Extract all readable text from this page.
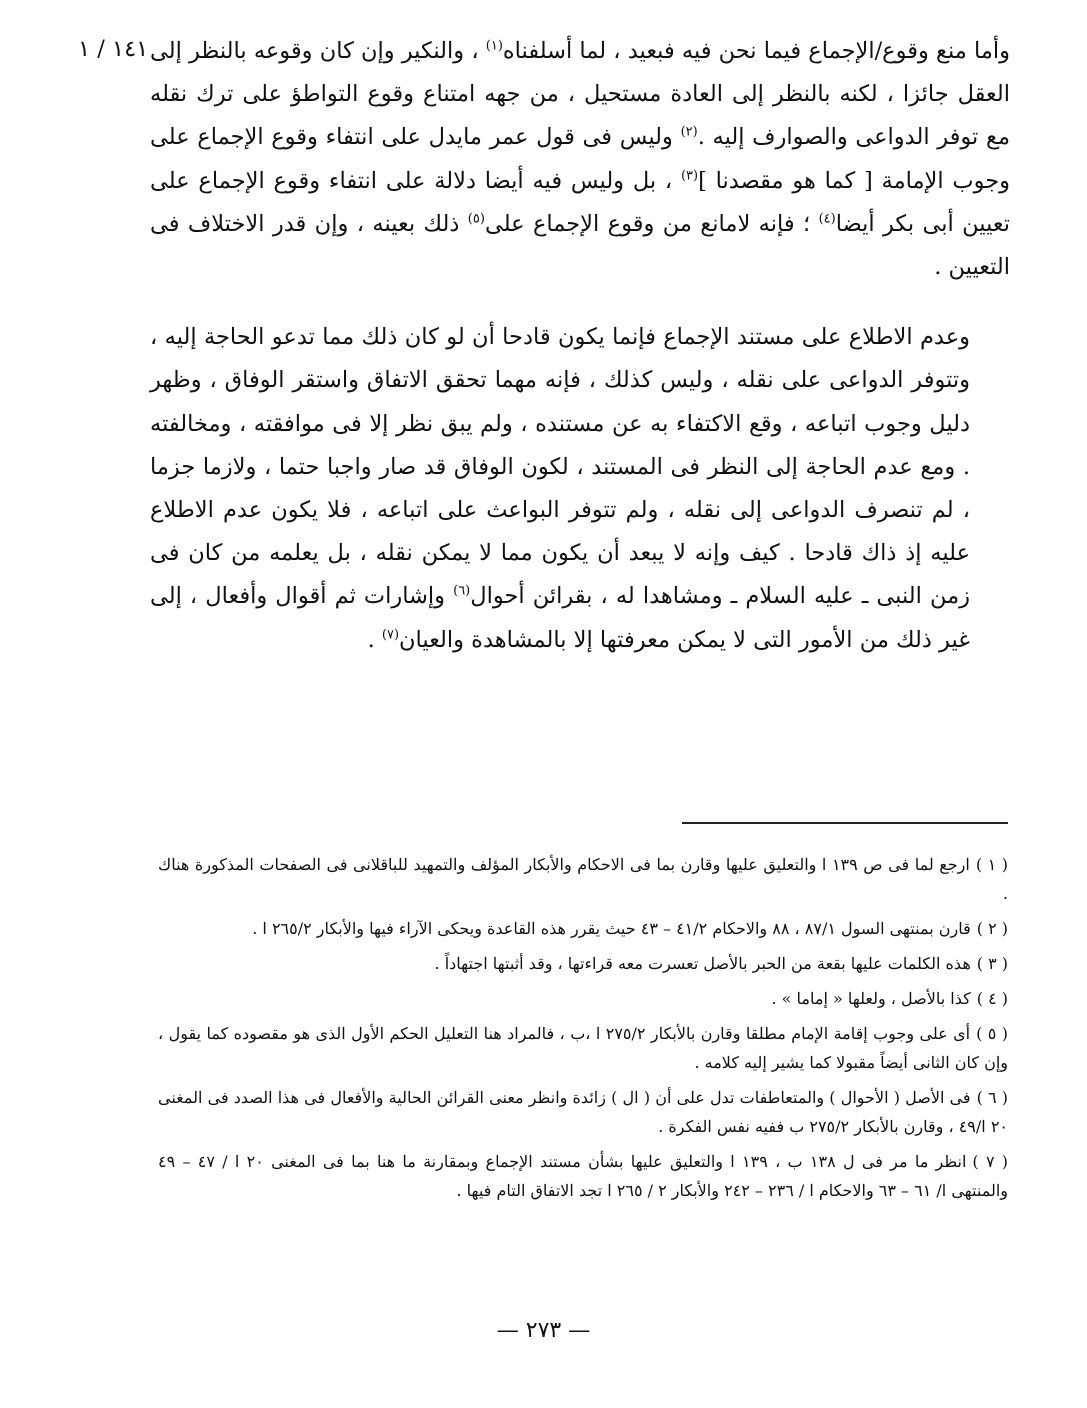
١٤١ / ١	وأما منع وقوع/الإجماع فيما نحن فيه فبعيد ، لما أسلفناه$^{(١)}$ ، والنكير وإن كان وقوعه بالنظر إلى العقل جائزا ، لكنه بالنظر إلى العادة مستحيل ، من جهه امتناع وقوع التواطؤ على ترك نقله مع توفر الدواعى والصوارف إليه .$^{(٢)}$ وليس فى قول عمر مايدل على انتفاء وقوع الإجماع على وجوب الإمامة [ كما هو مقصدنا ]$^{(٣)}$ ، بل وليس فيه أيضا دلالة على انتفاء وقوع الإجماع على تعيين أبى بكر أيضا$^{(٤)}$ ؛ فإنه لامانع من وقوع الإجماع على$^{(٥)}$ ذلك بعينه ، وإن قدر الاختلاف فى التعيين .

وعدم الاطلاع على مستند الإجماع فإنما يكون قادحا أن لو كان ذلك مما تدعو الحاجة إليه ، وتتوفر الدواعى على نقله ، وليس كذلك ، فإنه مهما تحقق الاتفاق واستقر الوفاق ، وظهر دليل وجوب اتباعه ، وقع الاكتفاء به عن مستنده ، ولم يبق نظر إلا فى موافقته ، ومخالفته . ومع عدم الحاجة إلى النظر فى المستند ، لكون الوفاق قد صار واجبا حتما ، ولازما جزما ، لم تنصرف الدواعى إلى نقله ، ولم تتوفر البواعث على اتباعه ، فلا يكون عدم الاطلاع عليه إذ ذاك قادحا . كيف وإنه لا يبعد أن يكون مما لا يمكن نقله ، بل يعلمه من كان فى زمن النبى ـ عليه السلام ـ ومشاهدا له ، بقرائن أحوال$^{(٦)}$ وإشارات ثم أقوال وأفعال ، إلى غير ذلك من الأمور التى لا يمكن معرفتها إلا بالمشاهدة والعيان$^{(٧)}$ .

( ١ )ارجع لما فى ص ١٣٩ ا والتعليق عليها وقارن بما فى الاحكام والأبكار المؤلف والتمهيد للباقلانى فى الصفحات المذكورة هناك .

( ٢ )قارن بمنتهى السول ٨٧/١ ، ٨٨ والاحكام ٤١/٢ – ٤٣ حيث يقرر هذه القاعدة ويحكى الآراء فيها والأبكار ٢٦٥/٢ ا .

( ٣ )هذه الكلمات عليها بقعة من الحبر بالأصل تعسرت معه قراءتها ، وقد أثبتها اجتهاداً .

( ٤ )كذا بالأصل ، ولعلها « إماما » .

( ٥ )أى على وجوب إقامة الإمام مطلقا وقارن بالأبكار ٢٧٥/٢ ا ،ب ، فالمراد هنا التعليل الحكم الأول الذى هو مقصوده كما يقول ، وإن كان الثانى أيضاً مقبولا كما يشير إليه كلامه .

( ٦ )فى الأصل ( الأحوال ) والمتعاطفات تدل على أن ( ال ) زائدة وانظر معنى القرائن الحالية والأفعال فى هذا الصدد فى المغنى ٢٠ ا/٤٩ ، وقارن بالأبكار ٢٧٥/٢ ب ففيه نفس الفكرة .

( ٧ )انظر ما مر فى ل ١٣٨ ب ، ١٣٩ ا والتعليق عليها بشأن مستند الإجماع وبمقارنة ما هنا بما فى المغنى ٢٠ ا / ٤٧ – ٤٩ والمنتهى ا/ ٦١ – ٦٣ والاحكام ا / ٢٣٦ – ٢٤٢ والأبكار ٢ / ٢٦٥ ا تجد الاتفاق التام فيها .

— ٢٧٣ —
